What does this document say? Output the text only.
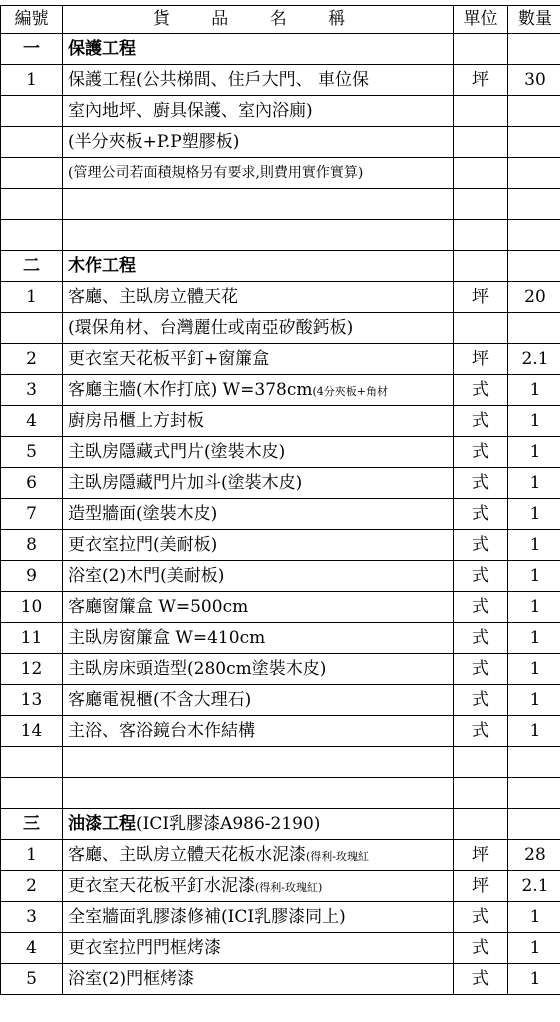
編號	貨 品 名 稱	單位	數量
一	保護工程		
1	保護工程(公共梯間、住戶大門、 車位保	坪	30
	室內地坪、廚具保護、室內浴廁)		
	(半分夾板+P.P塑膠板)		
	(管理公司若面積規格另有要求,則費用實作實算)		

二	木作工程		
1	客廳、主臥房立體天花	坪	20
	(環保角材、台灣麗仕或南亞矽酸鈣板)		
2	更衣室天花板平釘+窗簾盒	坪	2.1
3	客廳主牆(木作打底) W=378cm(4分夾板+角材	式	1
4	廚房吊櫃上方封板	式	1
5	主臥房隱藏式門片(塗裝木皮)	式	1
6	主臥房隱藏門片加斗(塗裝木皮)	式	1
7	造型牆面(塗裝木皮)	式	1
8	更衣室拉門(美耐板)	式	1
9	浴室(2)木門(美耐板)	式	1
10	客廳窗簾盒 W=500cm	式	1
11	主臥房窗簾盒 W=410cm	式	1
12	主臥房床頭造型(280cm塗裝木皮)	式	1
13	客廳電視櫃(不含大理石)	式	1
14	主浴、客浴鏡台木作結構	式	1

三	油漆工程(ICI乳膠漆A986-2190)		
1	客廳、主臥房立體天花板水泥漆(得利-玫瑰紅	坪	28
2	更衣室天花板平釘水泥漆(得利-玫瑰紅)	坪	2.1
3	全室牆面乳膠漆修補(ICI乳膠漆同上)	式	1
4	更衣室拉門門框烤漆	式	1
5	浴室(2)門框烤漆	式	1
